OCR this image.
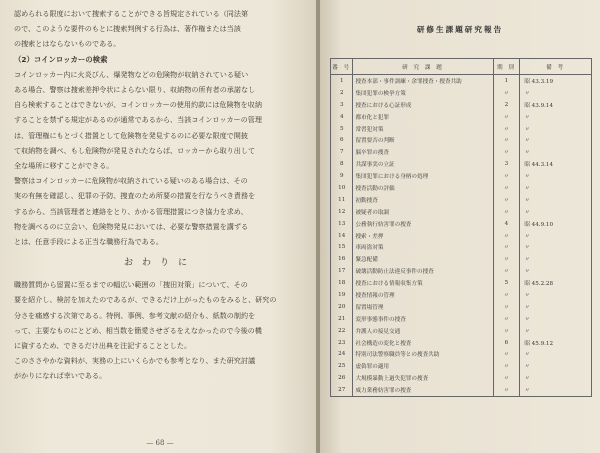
認められる限度において捜索することができる旨規定されている（同法第

ので、このような要件のもとに捜索判例する行為は、著作権または当該

の捜索とはならないものである。

（2）コインロッカーの検索

コインロッカー内に火炎びん、爆発物などの危険物が収納されている疑い

ある場合、警察は捜索差押令状によらない限り、収納物の所有者の承諾なし

自ら検索することはできないが、コインロッカーの使用約款には危険物を収納

することを禁ずる規定があるのが通常であるから、当該コインロッカーの管理

は、管理権にもとづく措置として危険物を発見するのに必要な限度で開披

て収納物を調べ、もし危険物が発見されたならば、ロッカーから取り出して

全な場所に移すことができる。

警察はコインロッカーに危険物が収納されている疑いのある場合は、その

実の有無を確認し、犯罪の予防、捜査のため所要の措置を行なうべき責務を

するから、当該管理者と連絡をとり、かかる管理措置につき協力を求め、

物を調べるのに立会い、危険物発見においては、必要な警察措置を講ずる

とは、任意手段による正当な職務行為である。

おわりに

職務質問から留置に至るまでの幅広い範囲の「捜田対策」について、その

要を紹介し、検討を加えたのであるが、できるだけ上がったものをみると、研究の

分さを痛感する次第である。特例、事例、参考文献の紹介も、紙数の制約を

って、主要なものにとどめ、相当数を簡愛させざるをえなかったので今後の機

に資するため、できるだけ出典を注記することとした。

このささやかな資料が、実務の上にいくらかでも参考となり、また研究討議

がかりになれば幸いである。

— 68 —
研修生課題研究報告
番 号	研 究 課 題	期 別	備 考
1	捜査本部・事件訓練・余罪捜査・捜査共助	1	昭 43.3.19
2	集団犯罪の検挙方策	〃	〃
3	捜査における心証形成	2	昭 43.9.14
4	都市化と犯罪	〃	〃
5	常習犯対策	〃	〃
6	留置要否の判断	〃	〃
7	脳卒罪の捜査	〃	〃
8	共謀事実の立証	3	昭 44.3.14
9	集団犯罪における身柄の処理	〃	〃
10	捜査活動の評価	〃	〃
11	初動捜査	〃	〃
12	被疑者の取調	〃	〃
13	公務執行妨害罪の捜査	4	昭 44.9.10
14	捜索・差押	〃	〃
15	車両盗対策	〃	〃
16	緊急配備	〃	〃
17	破壊活動防止法違反事件の捜査	〃	〃
18	捜査における情報収集方策	5	昭 45.2.28
19	捜査情報の管理	〃	〃
20	留置場管理	〃	〃
21	変形事態事件の捜査	〃	〃
22	弁護人の接見交通	〃	〃
23	社会構造の変化と捜査	6	昭 45.9.12
24	特別司法警察職員等との捜査共助	〃	〃
25	虚偽罪の適用	〃	〃
26	大規模暴動上過失犯罪の捜査	〃	〃
27	威力業務妨害罪の捜査	〃	〃
